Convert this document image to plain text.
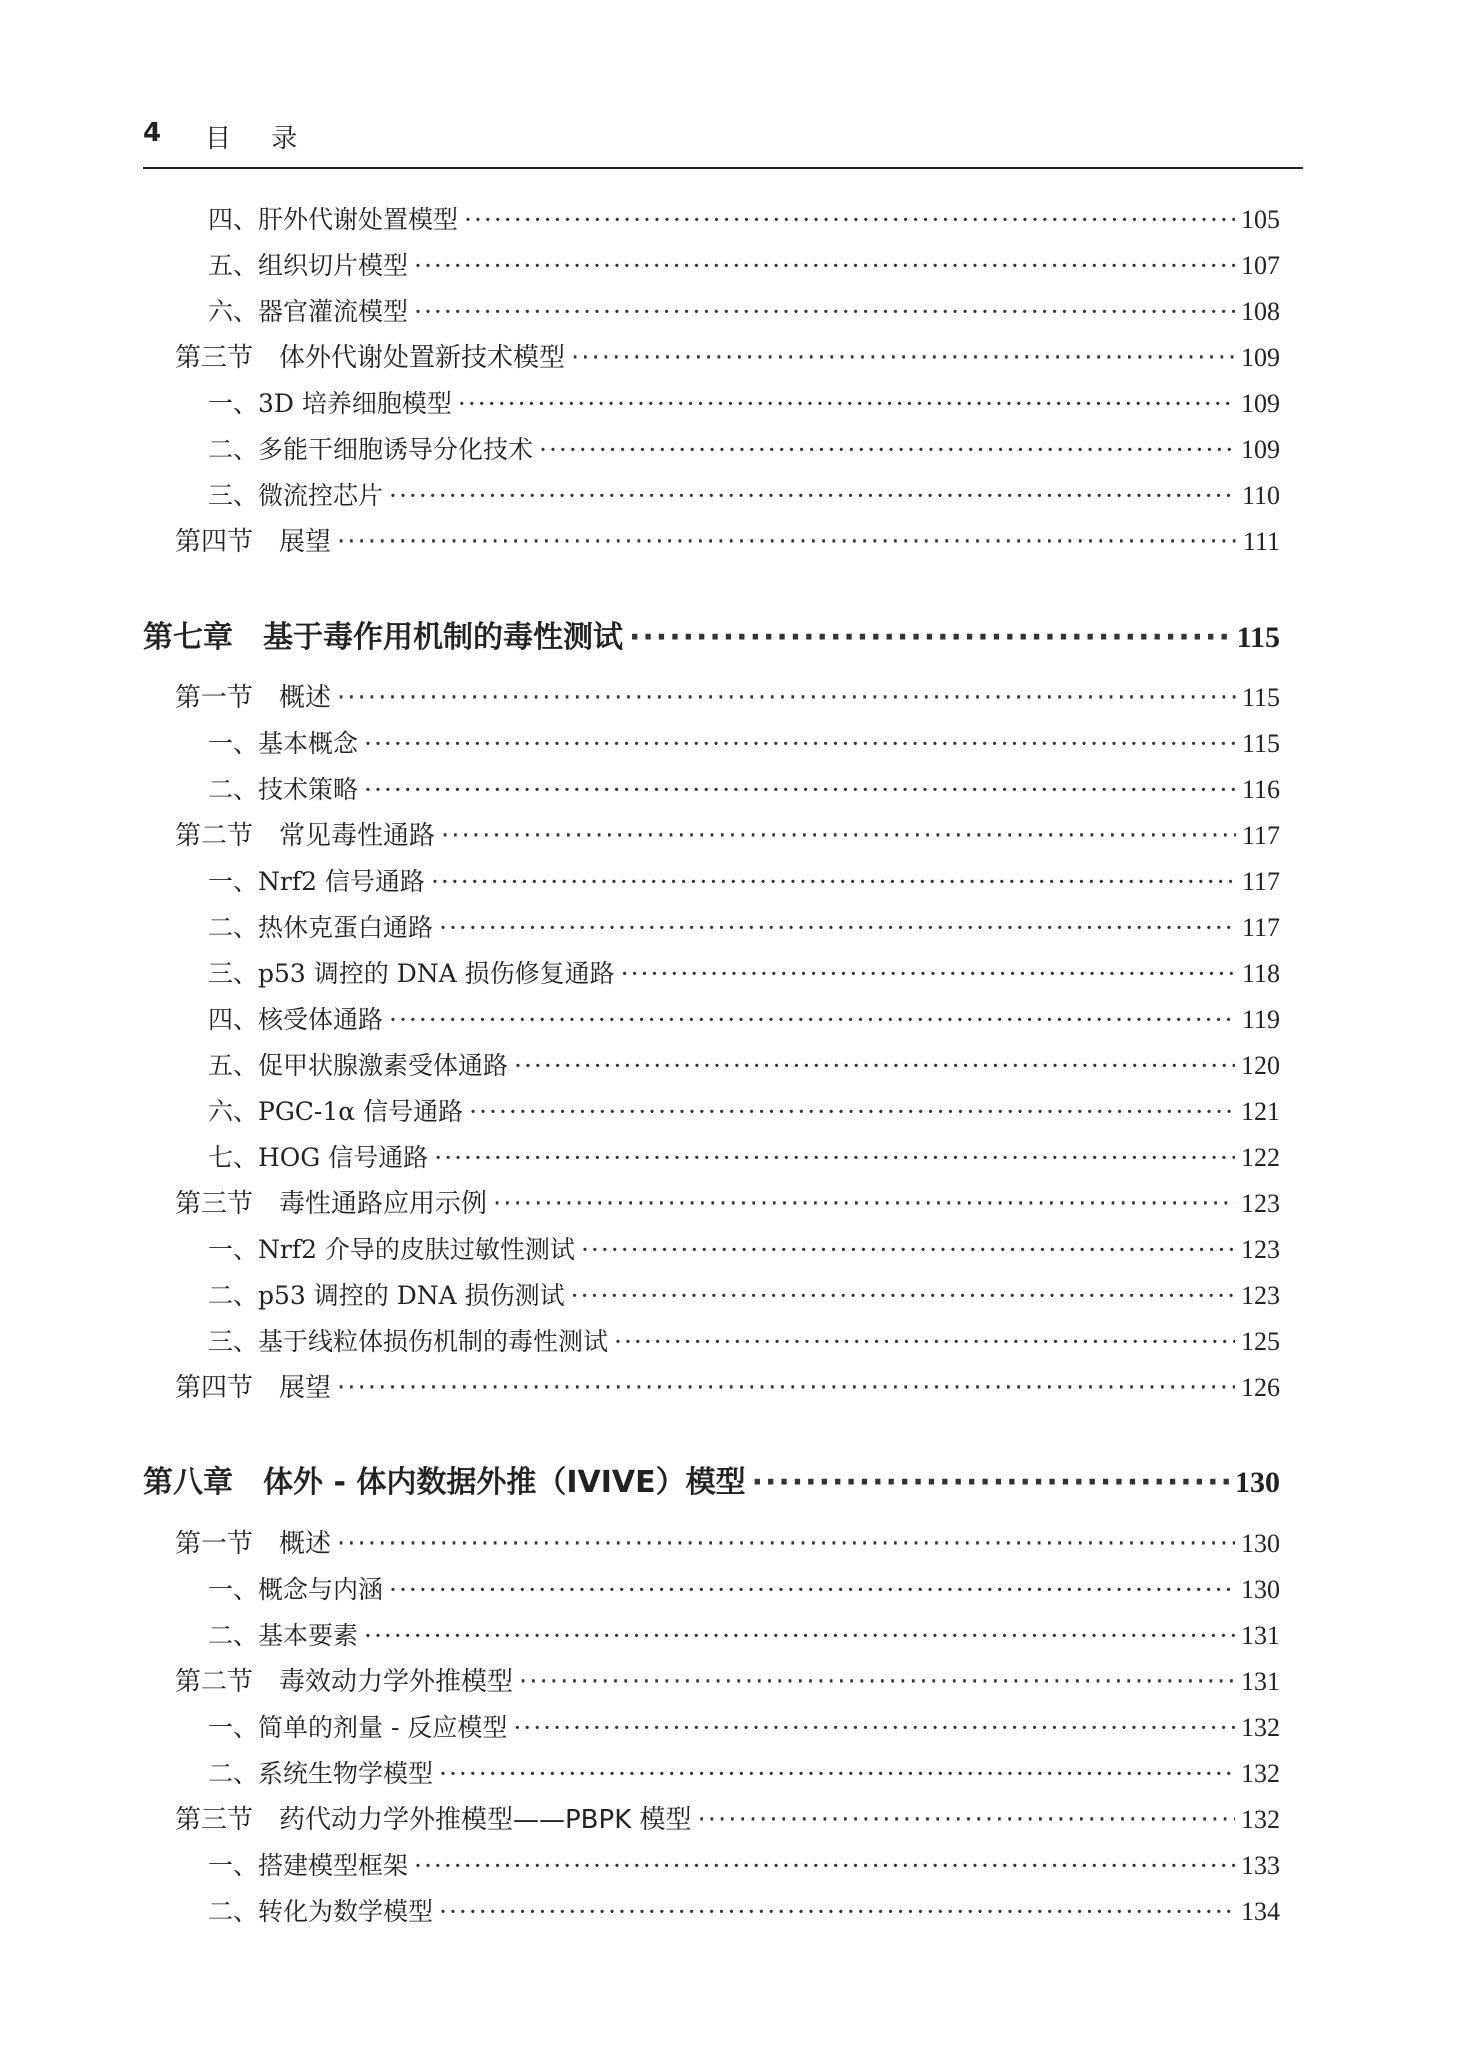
4 目 录
四、肝外代谢处置模型 ·····	105
五、组织切片模型 ·····	107
六、器官灌流模型 ·····	108
第三节　体外代谢处置新技术模型 ·····	109
一、3D 培养细胞模型 ·····	109
二、多能干细胞诱导分化技术 ·····	109
三、微流控芯片 ·····	110
第四节　展望 ·····	111
第七章　基于毒作用机制的毒性测试 ·····	115
第一节　概述 ·····	115
一、基本概念 ·····	115
二、技术策略 ·····	116
第二节　常见毒性通路 ·····	117
一、Nrf2 信号通路 ·····	117
二、热休克蛋白通路 ·····	117
三、p53 调控的 DNA 损伤修复通路 ·····	118
四、核受体通路 ·····	119
五、促甲状腺激素受体通路 ·····	120
六、PGC-1α 信号通路 ·····	121
七、HOG 信号通路 ·····	122
第三节　毒性通路应用示例 ·····	123
一、Nrf2 介导的皮肤过敏性测试 ·····	123
二、p53 调控的 DNA 损伤测试 ·····	123
三、基于线粒体损伤机制的毒性测试 ·····	125
第四节　展望 ·····	126
第八章　体外 - 体内数据外推（IVIVE）模型 ·····	130
第一节　概述 ·····	130
一、概念与内涵 ·····	130
二、基本要素 ·····	131
第二节　毒效动力学外推模型 ·····	131
一、简单的剂量 - 反应模型 ·····	132
二、系统生物学模型 ·····	132
第三节　药代动力学外推模型——PBPK 模型 ·····	132
一、搭建模型框架 ·····	133
二、转化为数学模型 ·····	134
